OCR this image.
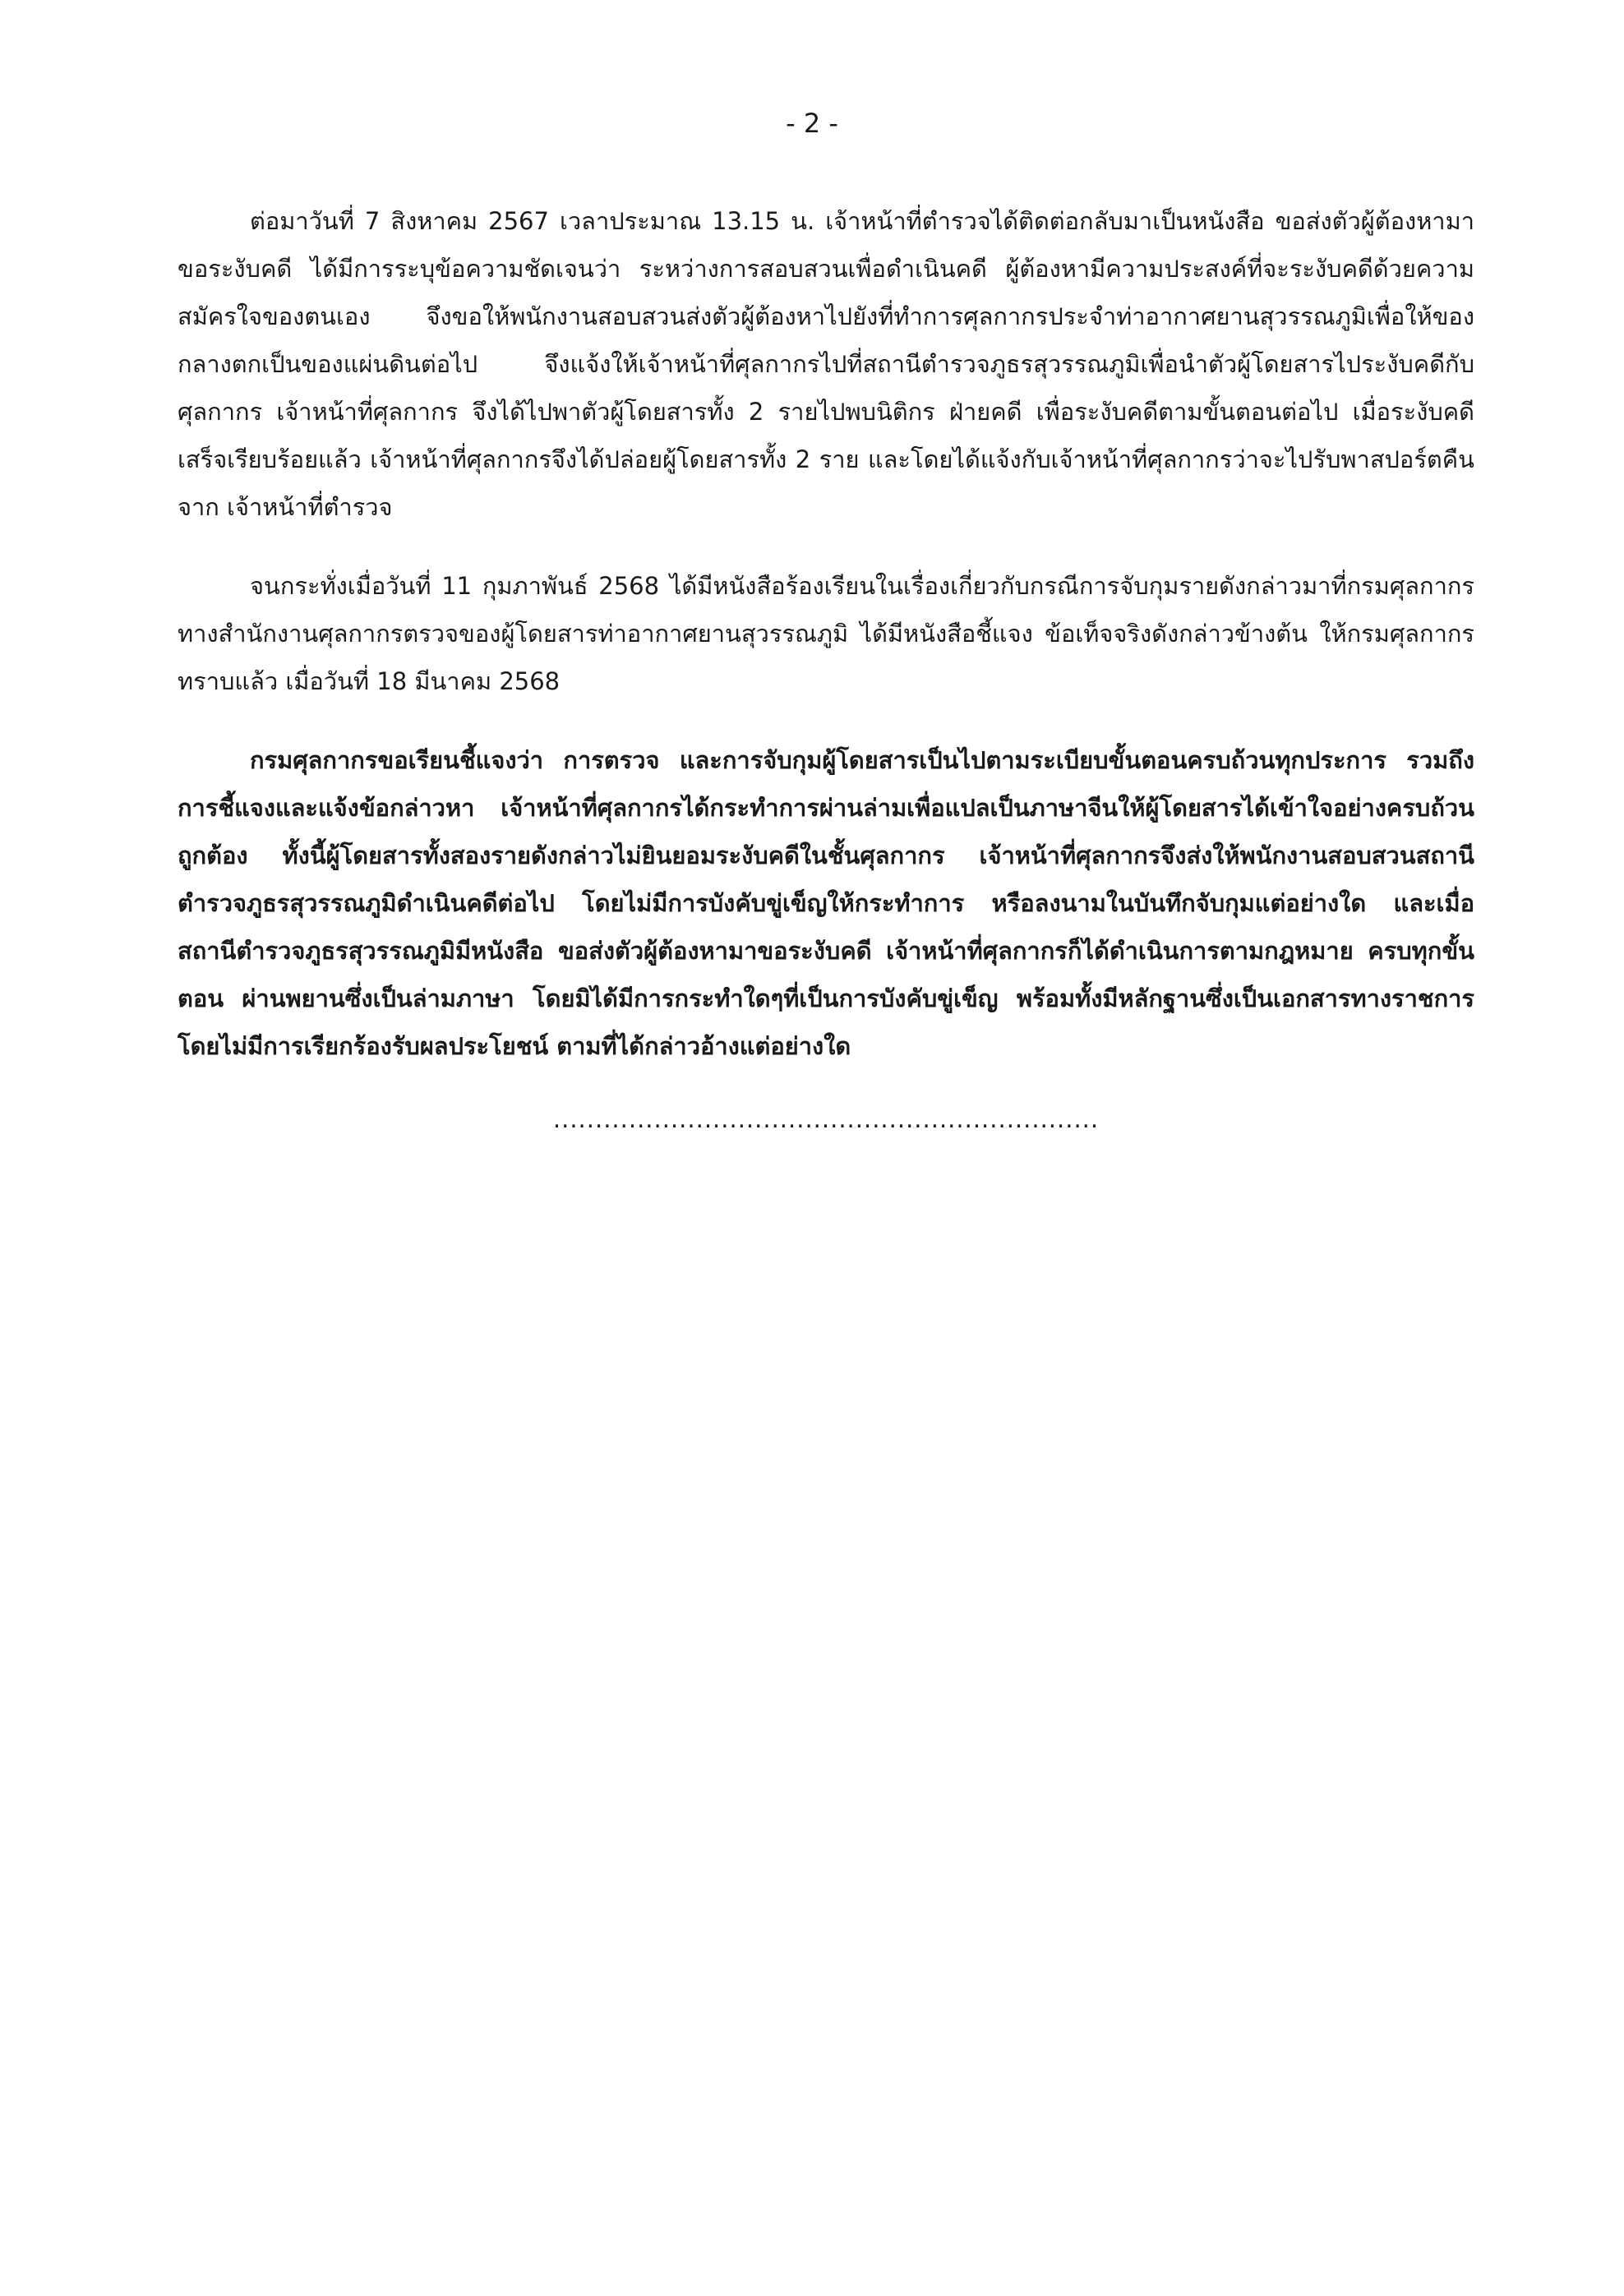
- 2 -

ต่อมาวันที่ 7 สิงหาคม 2567 เวลาประมาณ 13.15 น. เจ้าหน้าที่ตำรวจได้ติดต่อกลับมาเป็นหนังสือ ขอส่งตัวผู้ต้องหามาขอระงับคดี ได้มีการระบุข้อความชัดเจนว่า ระหว่างการสอบสวนเพื่อดำเนินคดี ผู้ต้องหามีความประสงค์ที่จะระงับคดีด้วยความสมัครใจของตนเอง จึงขอให้พนักงานสอบสวนส่งตัวผู้ต้องหาไปยังที่ทำการศุลกากรประจำท่าอากาศยานสุวรรณภูมิเพื่อให้ของกลางตกเป็นของแผ่นดินต่อไป จึงแจ้งให้เจ้าหน้าที่ศุลกากรไปที่สถานีตำรวจภูธรสุวรรณภูมิเพื่อนำตัวผู้โดยสารไประงับคดีกับศุลกากร เจ้าหน้าที่ศุลกากร จึงได้ไปพาตัวผู้โดยสารทั้ง 2 รายไปพบนิติกร ฝ่ายคดี เพื่อระงับคดีตามขั้นตอนต่อไป เมื่อระงับคดีเสร็จเรียบร้อยแล้ว เจ้าหน้าที่ศุลกากรจึงได้ปล่อยผู้โดยสารทั้ง 2 ราย และโดยได้แจ้งกับเจ้าหน้าที่ศุลกากรว่าจะไปรับพาสปอร์ตคืนจาก เจ้าหน้าที่ตำรวจ

จนกระทั่งเมื่อวันที่ 11 กุมภาพันธ์ 2568 ได้มีหนังสือร้องเรียนในเรื่องเกี่ยวกับกรณีการจับกุมรายดังกล่าวมาที่กรมศุลกากร ทางสำนักงานศุลกากรตรวจของผู้โดยสารท่าอากาศยานสุวรรณภูมิ ได้มีหนังสือชี้แจง ข้อเท็จจริงดังกล่าวข้างต้น ให้กรมศุลกากรทราบแล้ว เมื่อวันที่ 18 มีนาคม 2568

กรมศุลกากรขอเรียนชี้แจงว่า การตรวจ และการจับกุมผู้โดยสารเป็นไปตามระเบียบขั้นตอนครบถ้วนทุกประการ รวมถึงการชี้แจงและแจ้งข้อกล่าวหา เจ้าหน้าที่ศุลกากรได้กระทำการผ่านล่ามเพื่อแปลเป็นภาษาจีนให้ผู้โดยสารได้เข้าใจอย่างครบถ้วนถูกต้อง ทั้งนี้ผู้โดยสารทั้งสองรายดังกล่าวไม่ยินยอมระงับคดีในชั้นศุลกากร เจ้าหน้าที่ศุลกากรจึงส่งให้พนักงานสอบสวนสถานีตำรวจภูธรสุวรรณภูมิดำเนินคดีต่อไป โดยไม่มีการบังคับขู่เข็ญให้กระทำการ หรือลงนามในบันทึกจับกุมแต่อย่างใด และเมื่อสถานีตำรวจภูธรสุวรรณภูมิมีหนังสือ ขอส่งตัวผู้ต้องหามาขอระงับคดี เจ้าหน้าที่ศุลกากรก็ได้ดำเนินการตามกฎหมาย ครบทุกขั้นตอน ผ่านพยานซึ่งเป็นล่ามภาษา โดยมิได้มีการกระทำใดๆที่เป็นการบังคับขู่เข็ญ พร้อมทั้งมีหลักฐานซึ่งเป็นเอกสารทางราชการ โดยไม่มีการเรียกร้องรับผลประโยชน์ ตามที่ได้กล่าวอ้างแต่อย่างใด

.................................................................
